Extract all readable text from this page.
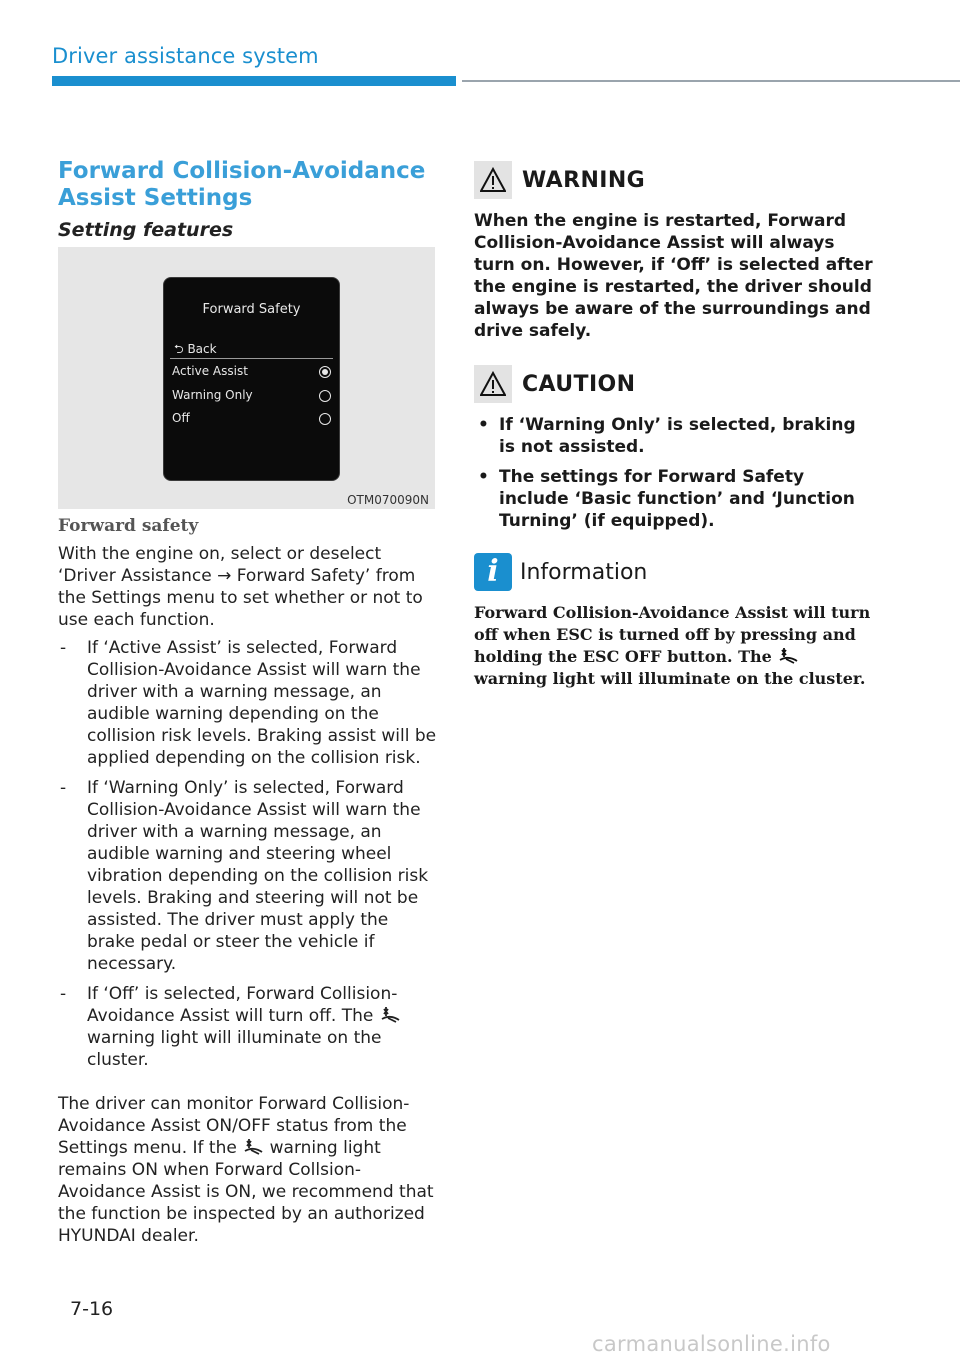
Driver assistance system
Forward Collision-Avoidance
Assist Settings
Setting features
Forward Safety
⮌ Back
Active Assist
Warning Only
Off
OTM070090N
Forward safety

With the engine on, select or deselect ‘Driver Assistance → Forward Safety’ from the Settings menu to set whether or not to use each function.

- If ‘Active Assist’ is selected, Forward Collision-Avoidance Assist will warn the driver with a warning message, an audible warning depending on the collision risk levels. Braking assist will be applied depending on the collision risk.
- If ‘Warning Only’ is selected, Forward Collision-Avoidance Assist will warn the driver with a warning message, an audible warning and steering wheel vibration depending on the collision risk levels. Braking and steering will not be assisted. The driver must apply the brake pedal or steer the vehicle if necessary.
- If ‘Off’ is selected, Forward Collision-Avoidance Assist will turn off. The  warning light will illuminate on the cluster.

The driver can monitor Forward Collision-Avoidance Assist ON/OFF status from the Settings menu. If the warning light remains ON when Forward Collsion-Avoidance Assist is ON, we recommend that the function be inspected by an authorized HYUNDAI dealer.

WARNING

When the engine is restarted, Forward Collision-Avoidance Assist will always turn on. However, if ‘Off’ is selected after the engine is restarted, the driver should always be aware of the surroundings and drive safely.

CAUTION
• If ‘Warning Only’ is selected, braking is not assisted.
• The settings for Forward Safety include ‘Basic function’ and ‘Junction Turning’ (if equipped).
i Information

Forward Collision-Avoidance Assist will turn off when ESC is turned off by pressing and holding the ESC OFF button. The  warning light will illuminate on the cluster.

7-16
carmanualsonline.info
